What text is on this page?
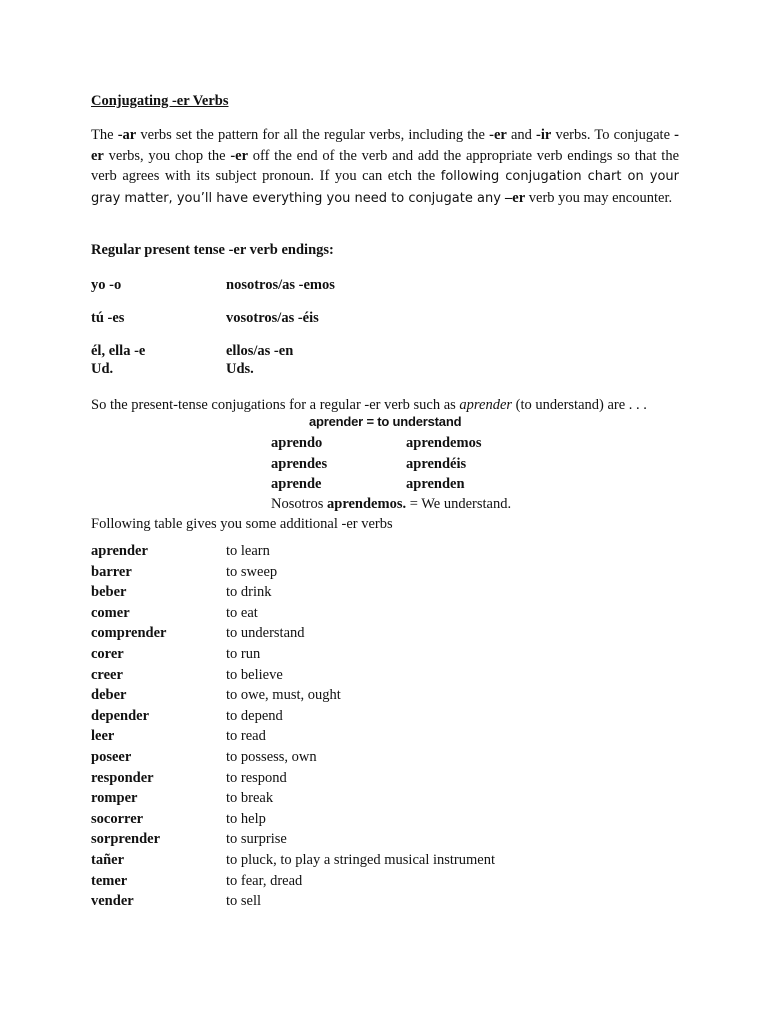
Conjugating -er Verbs
The -ar verbs set the pattern for all the regular verbs, including the -er and -ir verbs. To conjugate -er verbs, you chop the -er off the end of the verb and add the appropriate verb endings so that the verb agrees with its subject pronoun. If you can etch the following conjugation chart on your gray matter, you’ll have everything you need to conjugate any –er verb you may encounter.
Regular present tense -er verb endings:
yo -o	nosotros/as -emos
tú -es	vosotros/as -éis
él, ella -e	ellos/as -en
Ud.	Uds.
So the present-tense conjugations for a regular -er verb such as aprender (to understand) are . . .
aprender = to understand
aprendo	aprendemos
aprendes	aprendéis
aprende	aprenden
Nosotros aprendemos. = We understand.
Following table gives you some additional -er verbs
aprender	to learn
barrer	to sweep
beber	to drink
comer	to eat
comprender	to understand
corer	to run
creer	to believe
deber	to owe, must, ought
depender	to depend
leer	to read
poseer	to possess, own
responder	to respond
romper	to break
socorrer	to help
sorprender	to surprise
tañer	to pluck, to play a stringed musical instrument
temer	to fear, dread
vender	to sell
